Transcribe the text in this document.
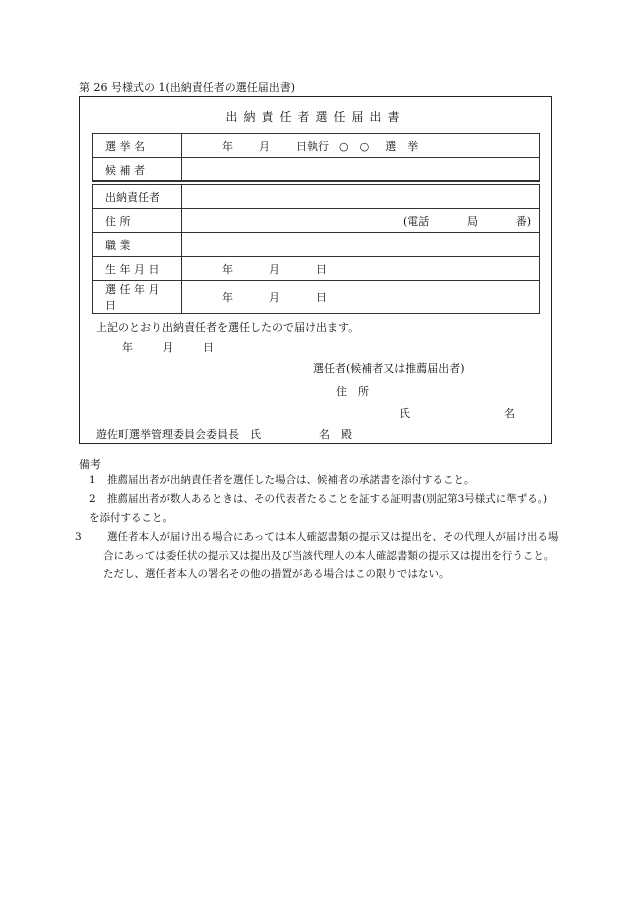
第 26 号様式の 1(出納責任者の選任届出書)
出納責任者選任届出書
選 挙 名	年 月 日執行 ○　○ 選　挙

候 補 者	

出納責任者	

住 所	(電話 局 番)

職 業	

生 年 月 日	年 月 日

選 任 年 月 日	年 月 日
上記のとおり出納責任者を選任したので届け出ます。
年	月	日
選任者(候補者又は推薦届出者)
住　所
氏	名
遊佐町選挙管理委員会委員長　氏	名　殿
備考
1 推薦届出者が出納責任者を選任した場合は、候補者の承諾書を添付すること。
2 推薦届出者が数人あるときは、その代表者たることを証する証明書(別記第3号様式に準ずる。)を添付すること。
3 選任者本人が届け出る場合にあっては本人確認書類の提示又は提出を、その代理人が届け出る場合にあっては委任状の提示又は提出及び当該代理人の本人確認書類の提示又は提出を行うこと。ただし、選任者本人の署名その他の措置がある場合はこの限りではない。
